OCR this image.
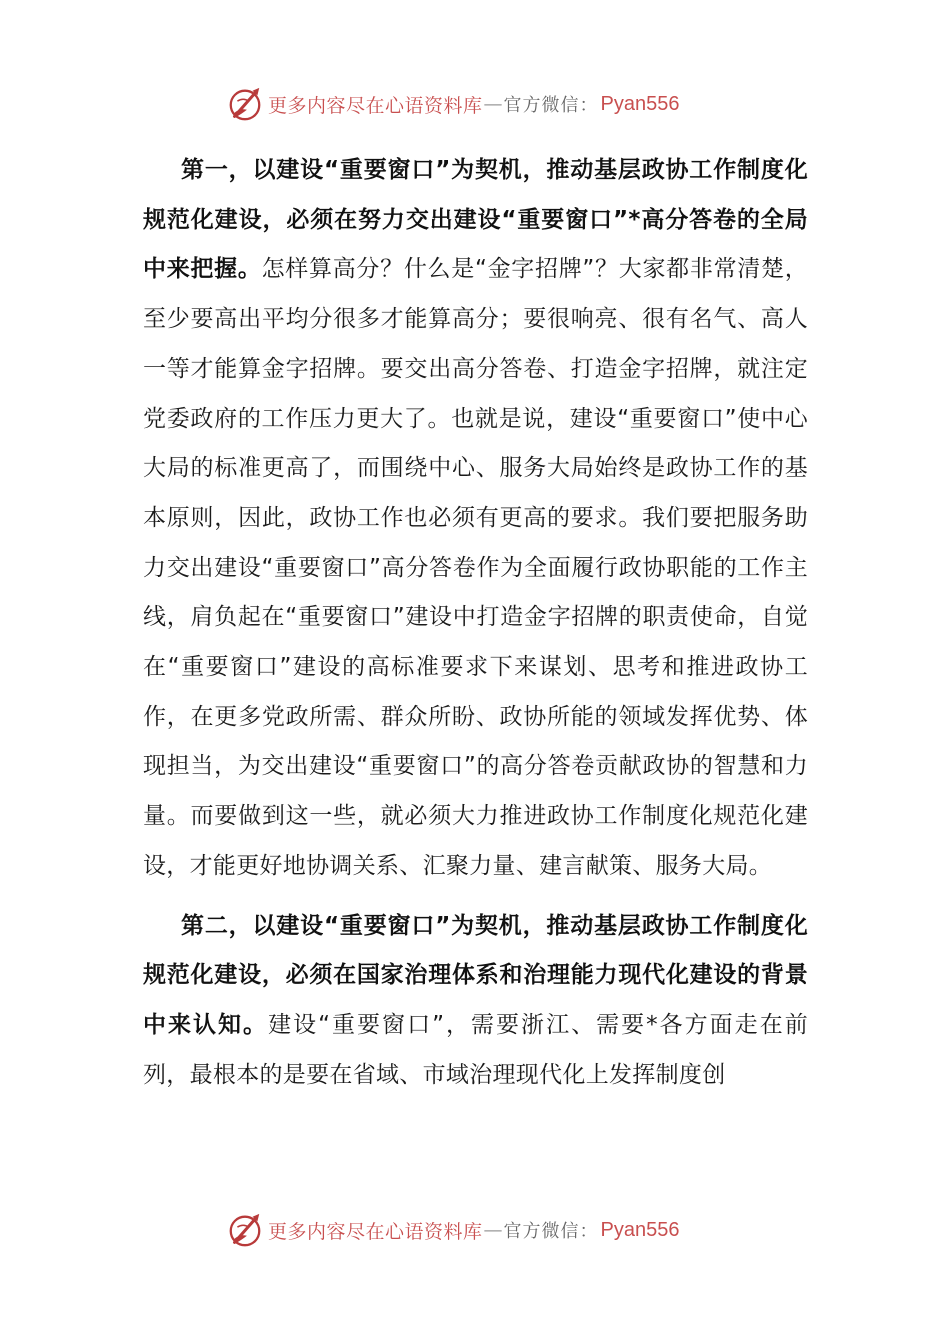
更多内容尽在心语资料库 — 官方微信： Pyan556

第一，以建设“重要窗口”为契机，推动基层政协工作制度化规范化建设，必须在努力交出建设“重要窗口”*高分答卷的全局中来把握。怎样算高分？什么是“金字招牌”？大家都非常清楚，至少要高出平均分很多才能算高分；要很响亮、很有名气、高人一等才能算金字招牌。要交出高分答卷、打造金字招牌，就注定党委政府的工作压力更大了。也就是说，建设“重要窗口”使中心大局的标准更高了，而围绕中心、服务大局始终是政协工作的基本原则，因此，政协工作也必须有更高的要求。我们要把服务助力交出建设“重要窗口”高分答卷作为全面履行政协职能的工作主线，肩负起在“重要窗口”建设中打造金字招牌的职责使命，自觉在“重要窗口”建设的高标准要求下来谋划、思考和推进政协工作，在更多党政所需、群众所盼、政协所能的领域发挥优势、体现担当，为交出建设“重要窗口”的高分答卷贡献政协的智慧和力量。而要做到这一些，就必须大力推进政协工作制度化规范化建设，才能更好地协调关系、汇聚力量、建言献策、服务大局。

第二，以建设“重要窗口”为契机，推动基层政协工作制度化规范化建设，必须在国家治理体系和治理能力现代化建设的背景中来认知。建设“重要窗口”，需要浙江、需要*各方面走在前列，最根本的是要在省域、市域治理现代化上发挥制度创

更多内容尽在心语资料库 — 官方微信： Pyan556
